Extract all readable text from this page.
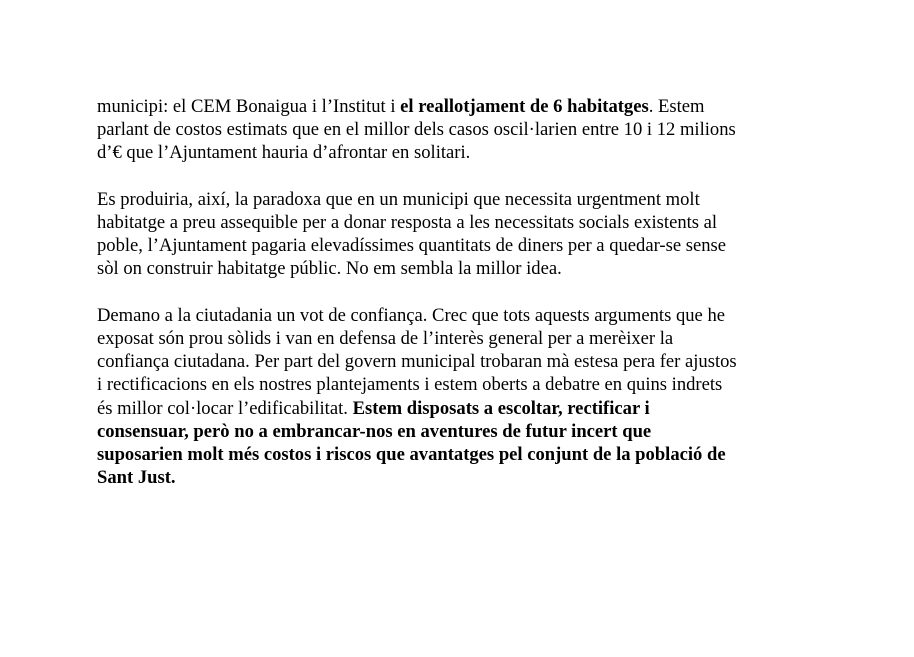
municipi: el CEM Bonaigua i l’Institut i el reallotjament de 6 habitatges. Estem
parlant de costos estimats que en el millor dels casos oscil·larien entre 10 i 12 milions
d’€ que l’Ajuntament hauria d’afrontar en solitari.
Es produiria, així, la paradoxa que en un municipi que necessita urgentment molt
habitatge a preu assequible per a donar resposta a les necessitats socials existents al
poble, l’Ajuntament pagaria elevadíssimes quantitats de diners per a quedar-se sense
sòl on construir habitatge públic. No em sembla la millor idea.
Demano a la ciutadania un vot de confiança. Crec que tots aquests arguments que he
exposat són prou sòlids i van en defensa de l’interès general per a merèixer la
confiança ciutadana. Per part del govern municipal trobaran mà estesa pera fer ajustos
i rectificacions en els nostres plantejaments i estem oberts a debatre en quins indrets
és millor col·locar l’edificabilitat. Estem disposats a escoltar, rectificar i
consensuar, però no a embrancar-nos en aventures de futur incert que
suposarien molt més costos i riscos que avantatges pel conjunt de la població de
Sant Just.
